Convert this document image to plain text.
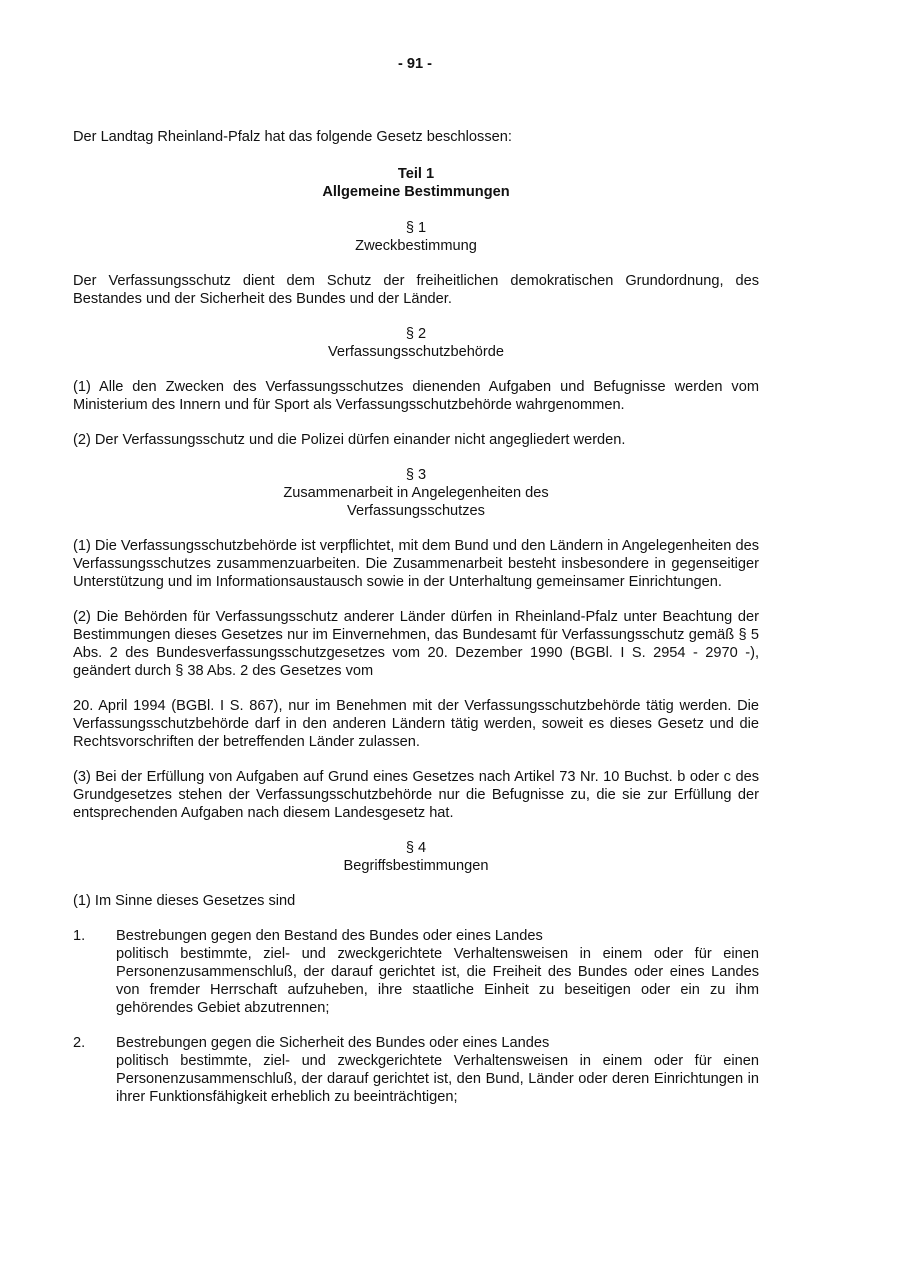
- 91 -

Der Landtag Rheinland-Pfalz hat das folgende Gesetz beschlossen:

Teil 1
Allgemeine Bestimmungen
§ 1
Zweckbestimmung

Der Verfassungsschutz dient dem Schutz der freiheitlichen demokratischen Grundordnung, des Bestandes und der Sicherheit des Bundes und der Länder.

§ 2
Verfassungsschutzbehörde

(1) Alle den Zwecken des Verfassungsschutzes dienenden Aufgaben und Befugnisse werden vom Ministerium des Innern und für Sport als Verfassungsschutzbehörde wahrgenommen.

(2) Der Verfassungsschutz und die Polizei dürfen einander nicht angegliedert werden.

§ 3
Zusammenarbeit in Angelegenheiten des
Verfassungsschutzes

(1) Die Verfassungsschutzbehörde ist verpflichtet, mit dem Bund und den Ländern in Angelegenheiten des Verfassungsschutzes zusammenzuarbeiten. Die Zusammenarbeit besteht insbesondere in gegenseitiger Unterstützung und im Informationsaustausch sowie in der Unterhaltung gemeinsamer Einrichtungen.

(2) Die Behörden für Verfassungsschutz anderer Länder dürfen in Rheinland-Pfalz unter Beachtung der Bestimmungen dieses Gesetzes nur im Einvernehmen, das Bundesamt für Verfassungsschutz gemäß § 5 Abs. 2 des Bundesverfassungsschutzgesetzes vom 20. Dezember 1990 (BGBl. I S. 2954 - 2970 -), geändert durch § 38 Abs. 2 des Gesetzes vom

20. April 1994 (BGBl. I S. 867), nur im Benehmen mit der Verfassungsschutzbehörde tätig werden. Die Verfassungsschutzbehörde darf in den anderen Ländern tätig werden, soweit es dieses Gesetz und die Rechtsvorschriften der betreffenden Länder zulassen.

(3) Bei der Erfüllung von Aufgaben auf Grund eines Gesetzes nach Artikel 73 Nr. 10 Buchst. b oder c des Grundgesetzes stehen der Verfassungsschutzbehörde nur die Befugnisse zu, die sie zur Erfüllung der entsprechenden Aufgaben nach diesem Landesgesetz hat.

§ 4
Begriffsbestimmungen

(1) Im Sinne dieses Gesetzes sind

1.	Bestrebungen gegen den Bestand des Bundes oder eines Landes
politisch bestimmte, ziel- und zweckgerichtete Verhaltensweisen in einem oder für einen Personenzusammenschluß, der darauf gerichtet ist, die Freiheit des Bundes oder eines Landes von fremder Herrschaft aufzuheben, ihre staatliche Einheit zu beseitigen oder ein zu ihm gehörendes Gebiet abzutrennen;
2.	Bestrebungen gegen die Sicherheit des Bundes oder eines Landes
politisch bestimmte, ziel- und zweckgerichtete Verhaltensweisen in einem oder für einen Personenzusammenschluß, der darauf gerichtet ist, den Bund, Länder oder deren Einrichtungen in ihrer Funktionsfähigkeit erheblich zu beeinträchtigen;
